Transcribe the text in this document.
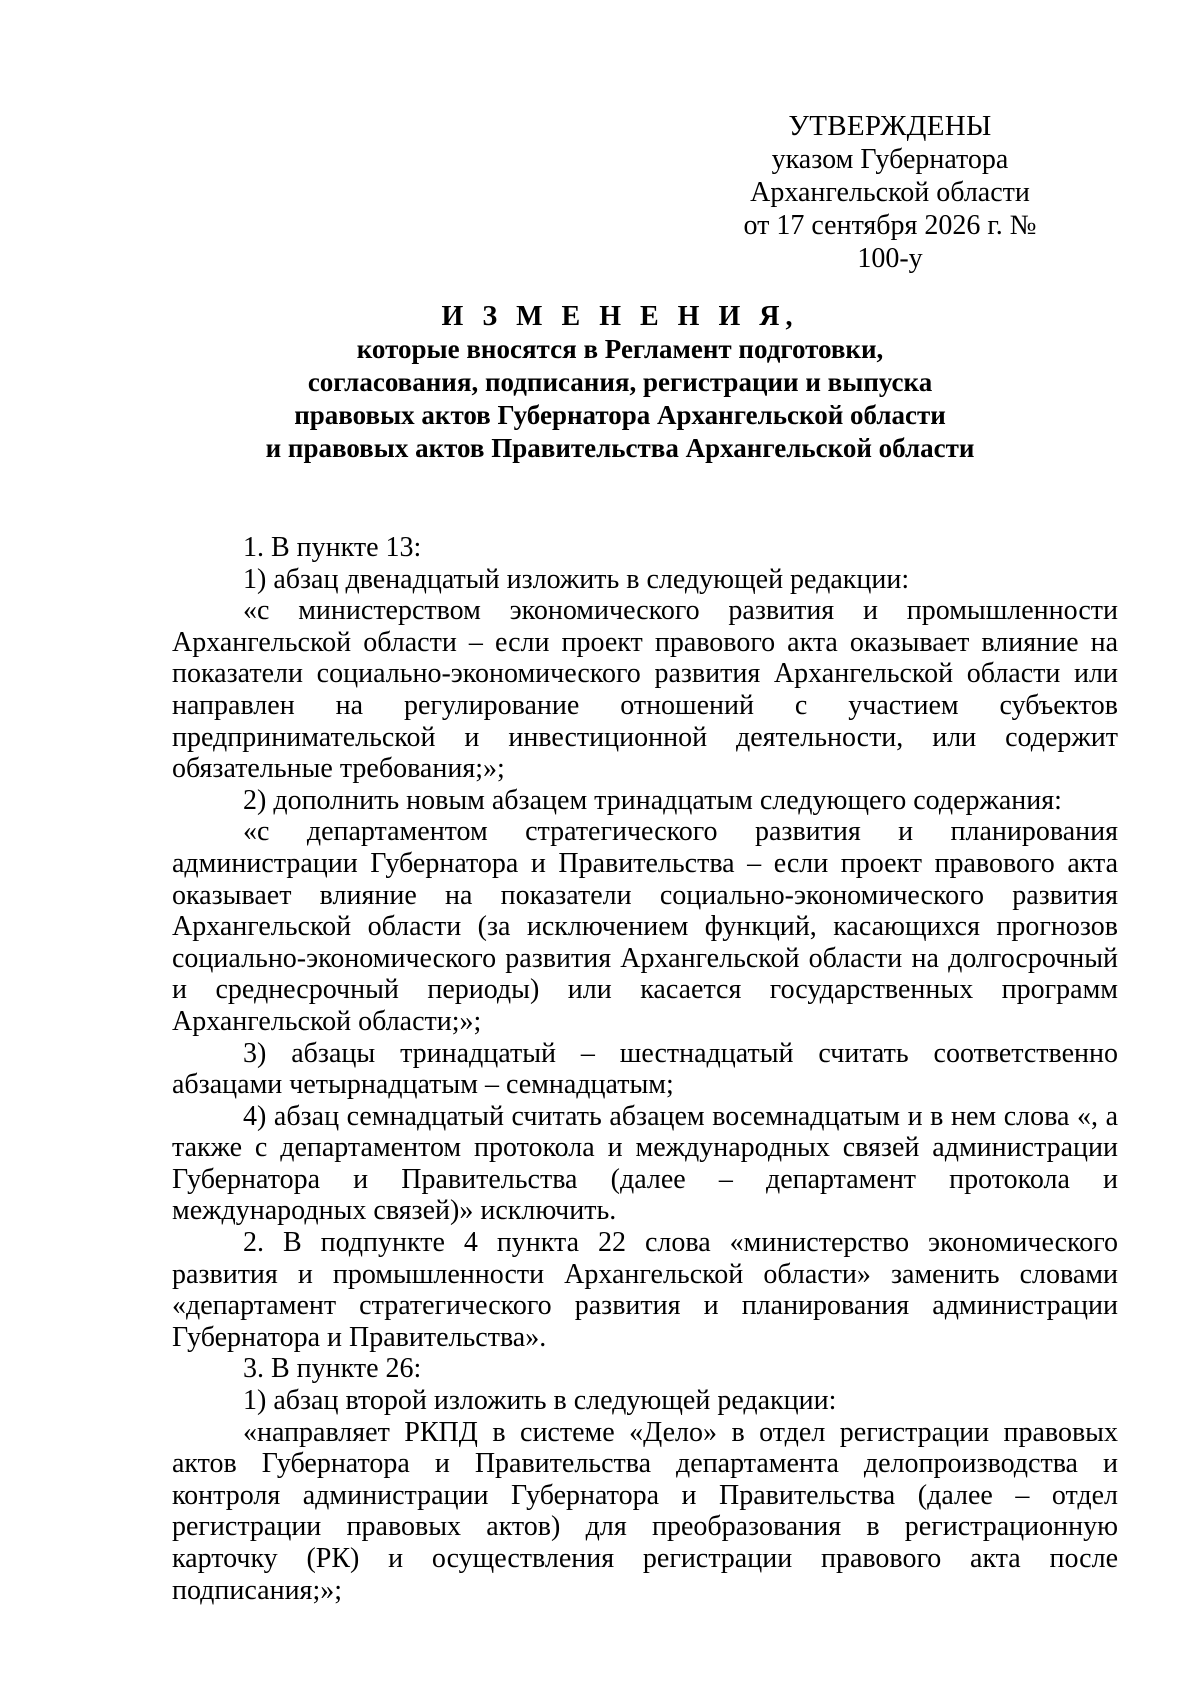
УТВЕРЖДЕНЫ
указом Губернатора
Архангельской области
от 17 сентября 2026 г. № 100-у
И З М Е Н Е Н И Я,
которые вносятся в Регламент подготовки,
согласования, подписания, регистрации и выпуска
правовых актов Губернатора Архангельской области
и правовых актов Правительства Архангельской области

1. В пункте 13:

1) абзац двенадцатый изложить в следующей редакции:

«с министерством экономического развития и промышленности Архангельской области – если проект правового акта оказывает влияние на показатели социально-экономического развития Архангельской области или направлен на регулирование отношений с участием субъектов предпринимательской и инвестиционной деятельности, или содержит обязательные требования;»;

2) дополнить новым абзацем тринадцатым следующего содержания:

«с департаментом стратегического развития и планирования администрации Губернатора и Правительства – если проект правового акта оказывает влияние на показатели социально-экономического развития Архангельской области (за исключением функций, касающихся прогнозов социально-экономического развития Архангельской области на долгосрочный и среднесрочный периоды) или касается государственных программ Архангельской области;»;

3) абзацы тринадцатый – шестнадцатый считать соответственно абзацами четырнадцатым – семнадцатым;

4) абзац семнадцатый считать абзацем восемнадцатым и в нем слова «, а также с департаментом протокола и международных связей администрации Губернатора и Правительства (далее – департамент протокола и международных связей)» исключить.

2. В подпункте 4 пункта 22 слова «министерство экономического развития и промышленности Архангельской области» заменить словами «департамент стратегического развития и планирования администрации Губернатора и Правительства».

3. В пункте 26:

1) абзац второй изложить в следующей редакции:

«направляет РКПД в системе «Дело» в отдел регистрации правовых актов Губернатора и Правительства департамента делопроизводства и контроля администрации Губернатора и Правительства (далее – отдел регистрации правовых актов) для преобразования в регистрационную карточку (РК) и осуществления регистрации правового акта после подписания;»;
